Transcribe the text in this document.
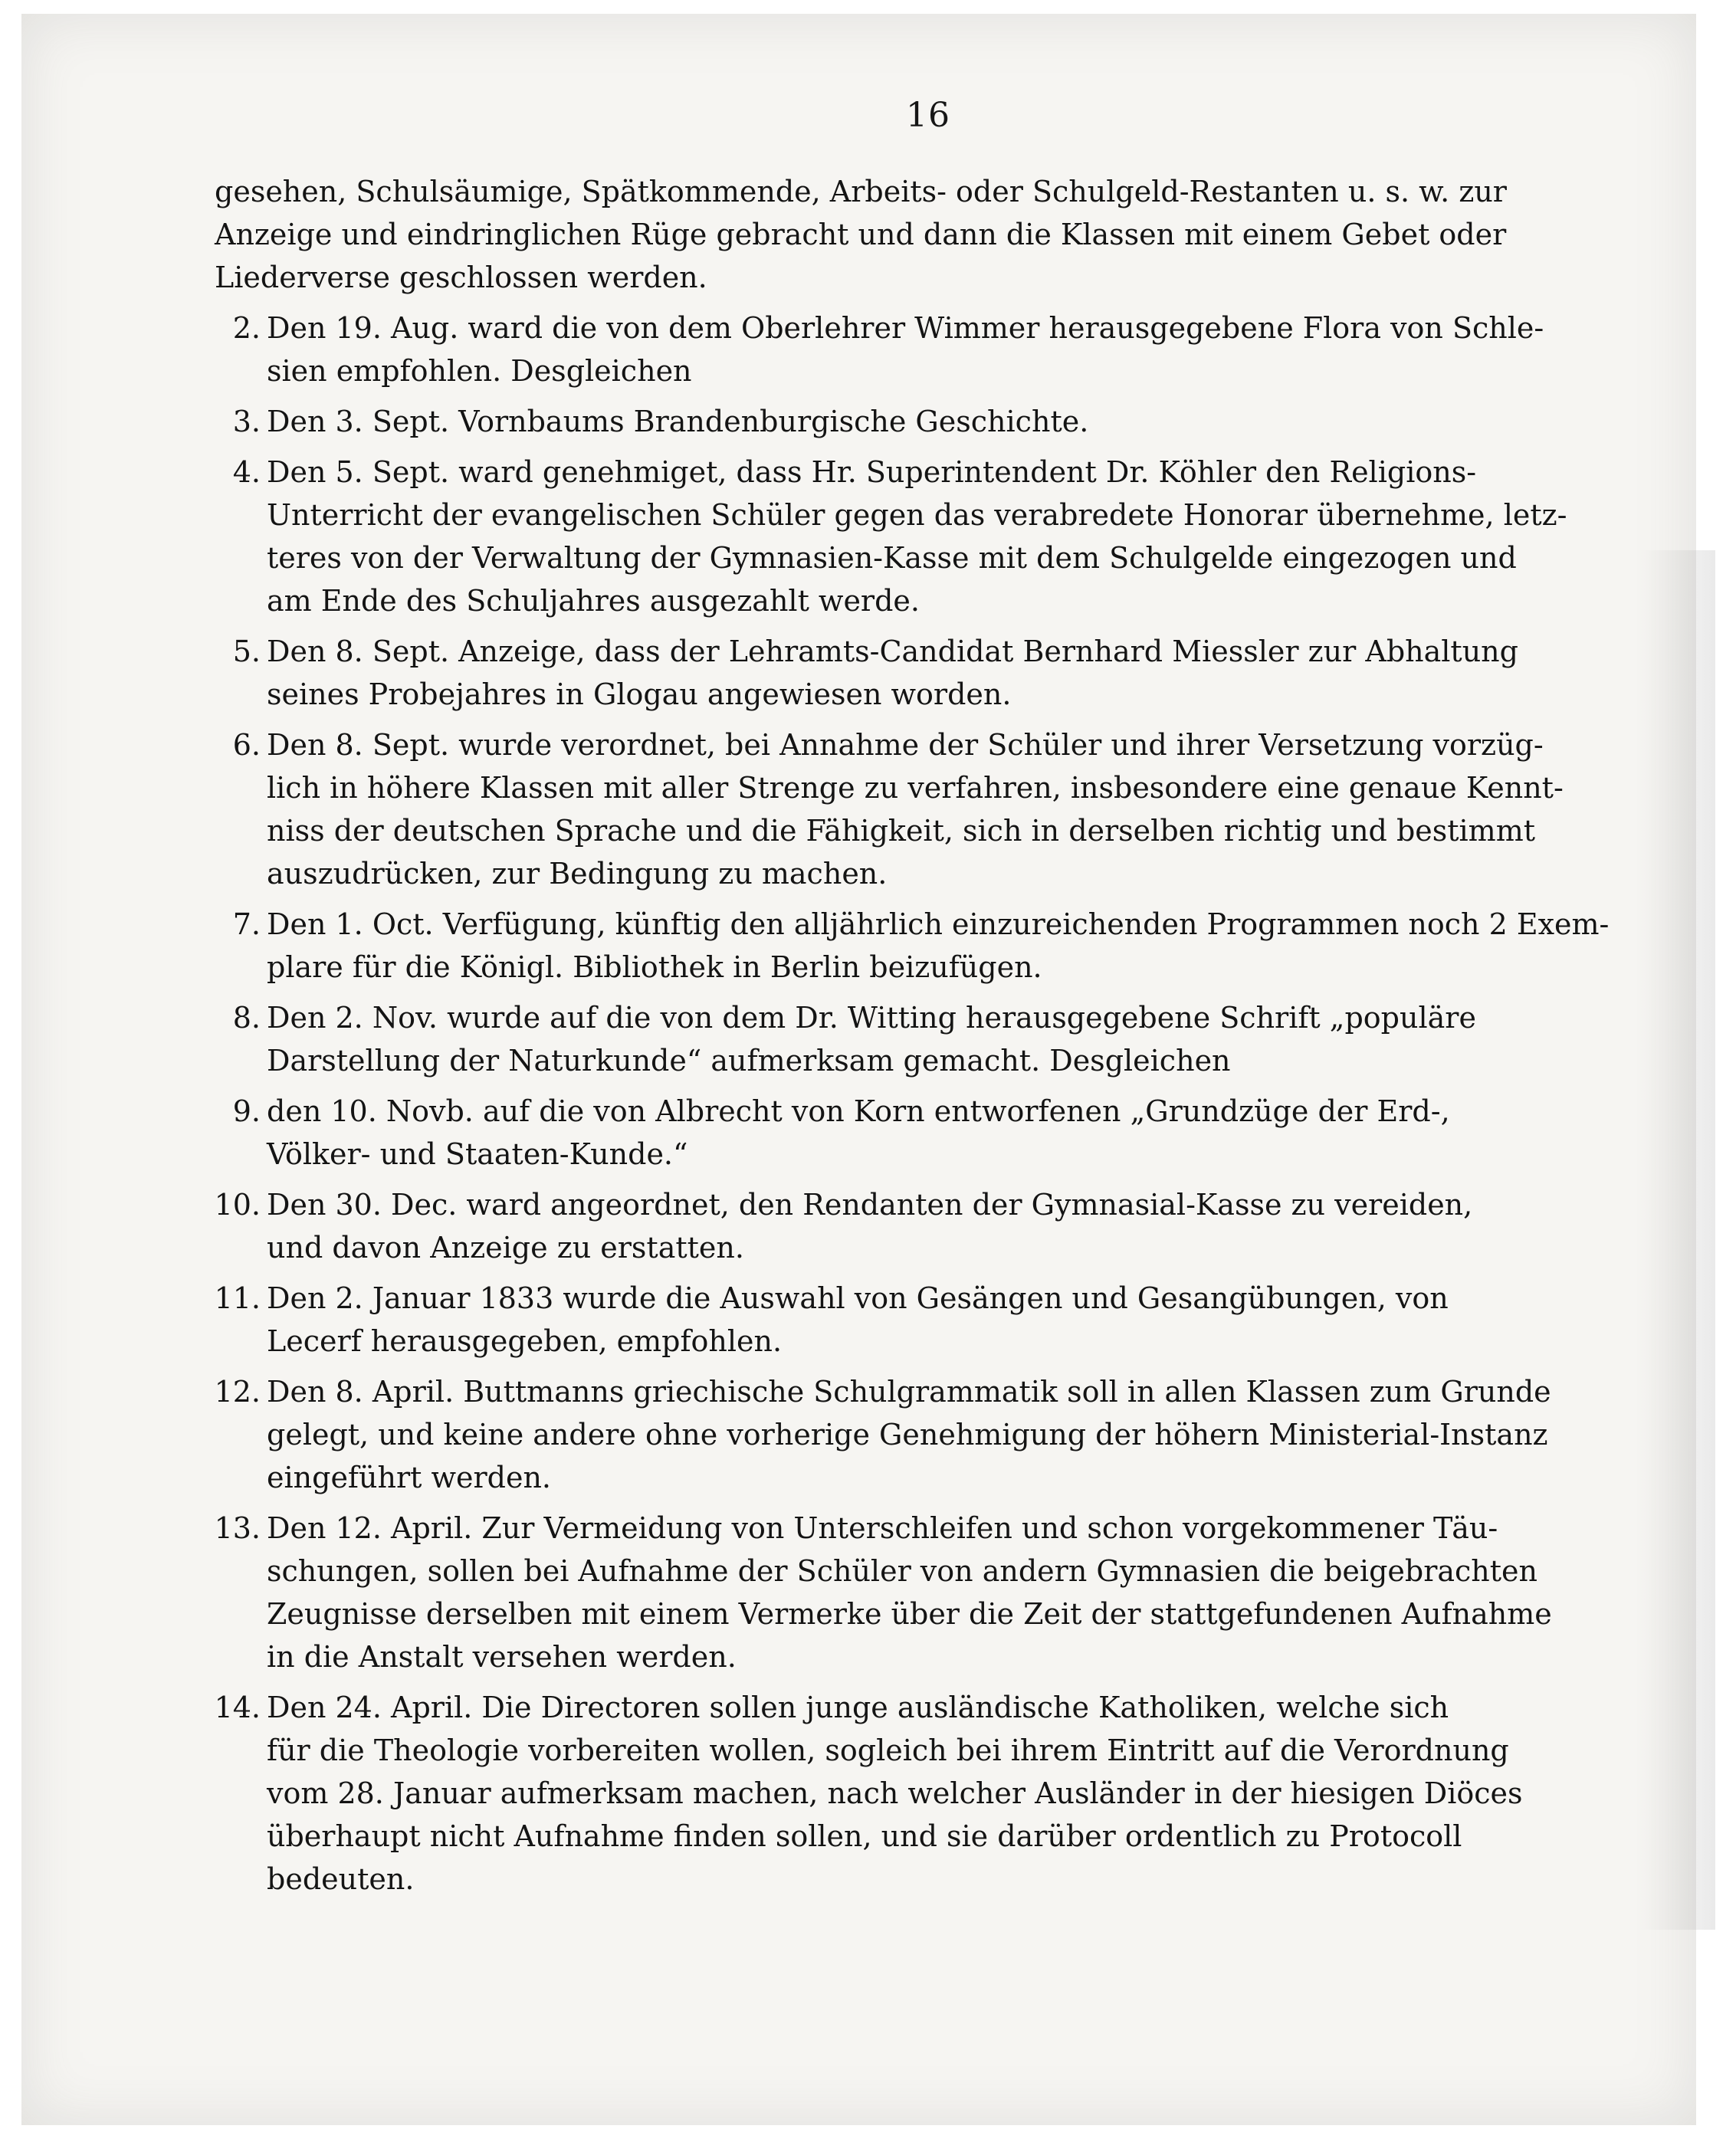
16
gesehen, Schulsäumige, Spätkommende, Arbeits- oder Schulgeld-Restanten u. s. w. zur
Anzeige und eindringlichen Rüge gebracht und dann die Klassen mit einem Gebet oder
Liederverse geschlossen werden.
2. Den 19. Aug. ward die von dem Oberlehrer Wimmer herausgegebene Flora von Schle-
sien empfohlen. Desgleichen
3. Den 3. Sept. Vornbaums Brandenburgische Geschichte.
4. Den 5. Sept. ward genehmiget, dass Hr. Superintendent Dr. Köhler den Religions-
Unterricht der evangelischen Schüler gegen das verabredete Honorar übernehme, letz-
teres von der Verwaltung der Gymnasien-Kasse mit dem Schulgelde eingezogen und
am Ende des Schuljahres ausgezahlt werde.
5. Den 8. Sept. Anzeige, dass der Lehramts-Candidat Bernhard Miessler zur Abhaltung
seines Probejahres in Glogau angewiesen worden.
6. Den 8. Sept. wurde verordnet, bei Annahme der Schüler und ihrer Versetzung vorzüg-
lich in höhere Klassen mit aller Strenge zu verfahren, insbesondere eine genaue Kennt-
niss der deutschen Sprache und die Fähigkeit, sich in derselben richtig und bestimmt
auszudrücken, zur Bedingung zu machen.
7. Den 1. Oct. Verfügung, künftig den alljährlich einzureichenden Programmen noch 2 Exem-
plare für die Königl. Bibliothek in Berlin beizufügen.
8. Den 2. Nov. wurde auf die von dem Dr. Witting herausgegebene Schrift „populäre
Darstellung der Naturkunde“ aufmerksam gemacht. Desgleichen
9. den 10. Novb. auf die von Albrecht von Korn entworfenen „Grundzüge der Erd-,
Völker- und Staaten-Kunde.“
10. Den 30. Dec. ward angeordnet, den Rendanten der Gymnasial-Kasse zu vereiden,
und davon Anzeige zu erstatten.
11. Den 2. Januar 1833 wurde die Auswahl von Gesängen und Gesangübungen, von
Lecerf herausgegeben, empfohlen.
12. Den 8. April. Buttmanns griechische Schulgrammatik soll in allen Klassen zum Grunde
gelegt, und keine andere ohne vorherige Genehmigung der höhern Ministerial-Instanz
eingeführt werden.
13. Den 12. April. Zur Vermeidung von Unterschleifen und schon vorgekommener Täu-
schungen, sollen bei Aufnahme der Schüler von andern Gymnasien die beigebrachten
Zeugnisse derselben mit einem Vermerke über die Zeit der stattgefundenen Aufnahme
in die Anstalt versehen werden.
14. Den 24. April. Die Directoren sollen junge ausländische Katholiken, welche sich
für die Theologie vorbereiten wollen, sogleich bei ihrem Eintritt auf die Verordnung
vom 28. Januar aufmerksam machen, nach welcher Ausländer in der hiesigen Diöces
überhaupt nicht Aufnahme finden sollen, und sie darüber ordentlich zu Protocoll
bedeuten.
